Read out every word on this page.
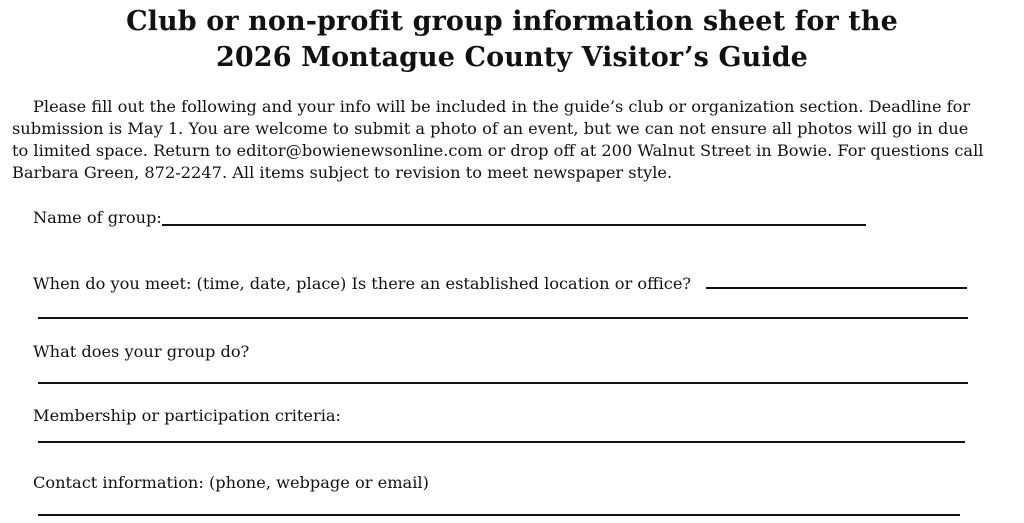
Club or non-profit group information sheet for the
2026 Montague County Visitor’s Guide
Please fill out the following and your info will be included in the guide’s club or organization section. Deadline for
submission is May 1. You are welcome to submit a photo of an event, but we can not ensure all photos will go in due
to limited space. Return to editor@bowienewsonline.com or drop off at 200 Walnut Street in Bowie. For questions call
Barbara Green, 872-2247. All items subject to revision to meet newspaper style.
Name of group:
When do you meet: (time, date, place) Is there an established location or office?
What does your group do?
Membership or participation criteria:
Contact information: (phone, webpage or email)
